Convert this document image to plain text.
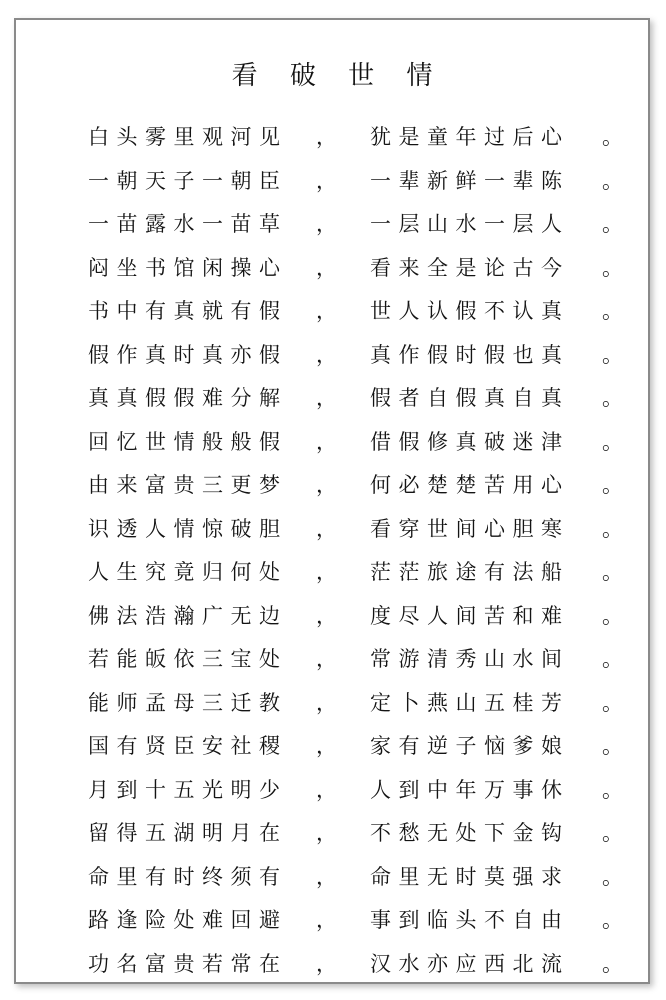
看 破 世 情
白头雾里观河见 ， 犹是童年过后心 。
一朝天子一朝臣 ， 一辈新鲜一辈陈 。
一苗露水一苗草 ， 一层山水一层人 。
闷坐书馆闲操心 ， 看来全是论古今 。
书中有真就有假 ， 世人认假不认真 。
假作真时真亦假 ， 真作假时假也真 。
真真假假难分解 ， 假者自假真自真 。
回忆世情般般假 ， 借假修真破迷津 。
由来富贵三更梦 ， 何必楚楚苦用心 。
识透人情惊破胆 ， 看穿世间心胆寒 。
人生究竟归何处 ， 茫茫旅途有法船 。
佛法浩瀚广无边 ， 度尽人间苦和难 。
若能皈依三宝处 ， 常游清秀山水间 。
能师孟母三迁教 ， 定卜燕山五桂芳 。
国有贤臣安社稷 ， 家有逆子恼爹娘 。
月到十五光明少 ， 人到中年万事休 。
留得五湖明月在 ， 不愁无处下金钩 。
命里有时终须有 ， 命里无时莫强求 。
路逢险处难回避 ， 事到临头不自由 。
功名富贵若常在 ， 汉水亦应西北流 。
